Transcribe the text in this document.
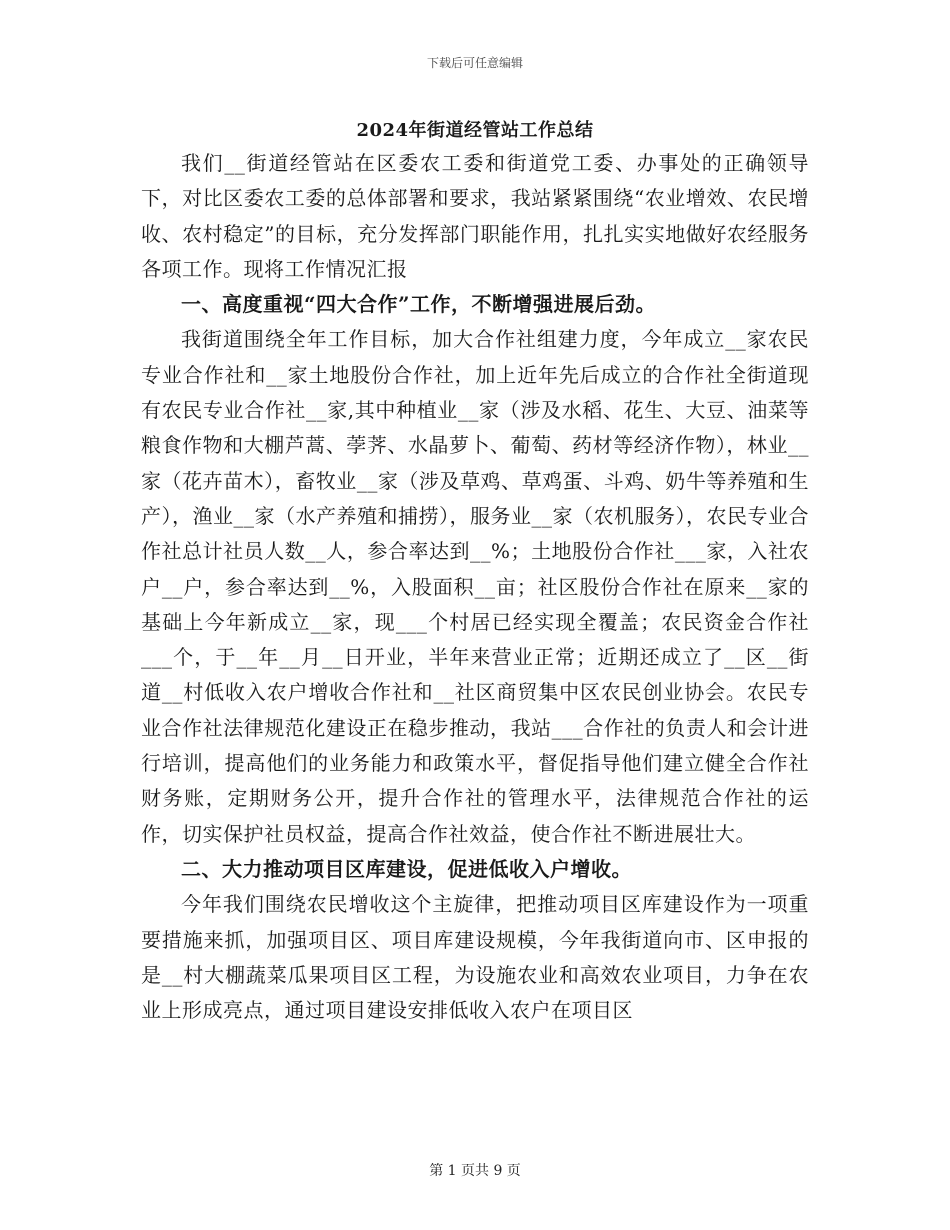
下载后可任意编辑
2024年街道经管站工作总结

我们__街道经管站在区委农工委和街道党工委、办事处的正确领导下，对比区委农工委的总体部署和要求，我站紧紧围绕“农业增效、农民增收、农村稳定”的目标，充分发挥部门职能作用，扎扎实实地做好农经服务各项工作。现将工作情况汇报

一、高度重视“四大合作”工作，不断增强进展后劲。

我街道围绕全年工作目标，加大合作社组建力度，今年成立__家农民专业合作社和__家土地股份合作社，加上近年先后成立的合作社全街道现有农民专业合作社__家,其中种植业__家（涉及水稻、花生、大豆、油菜等粮食作物和大棚芦蒿、荸荠、水晶萝卜、葡萄、药材等经济作物），林业__家（花卉苗木），畜牧业__家（涉及草鸡、草鸡蛋、斗鸡、奶牛等养殖和生产），渔业__家（水产养殖和捕捞），服务业__家（农机服务），农民专业合作社总计社员人数__人，参合率达到__%；土地股份合作社___家，入社农户__户，参合率达到__%，入股面积__亩；社区股份合作社在原来__家的基础上今年新成立__家，现___个村居已经实现全覆盖；农民资金合作社___个，于__年__月__日开业，半年来营业正常；近期还成立了__区__街道__村低收入农户增收合作社和__社区商贸集中区农民创业协会。农民专业合作社法律规范化建设正在稳步推动，我站___合作社的负责人和会计进行培训，提高他们的业务能力和政策水平，督促指导他们建立健全合作社财务账，定期财务公开，提升合作社的管理水平，法律规范合作社的运作，切实保护社员权益，提高合作社效益，使合作社不断进展壮大。

二、大力推动项目区库建设，促进低收入户增收。

今年我们围绕农民增收这个主旋律，把推动项目区库建设作为一项重要措施来抓，加强项目区、项目库建设规模，今年我街道向市、区申报的是__村大棚蔬菜瓜果项目区工程，为设施农业和高效农业项目，力争在农业上形成亮点，通过项目建设安排低收入农户在项目区

第 1 页共 9 页
